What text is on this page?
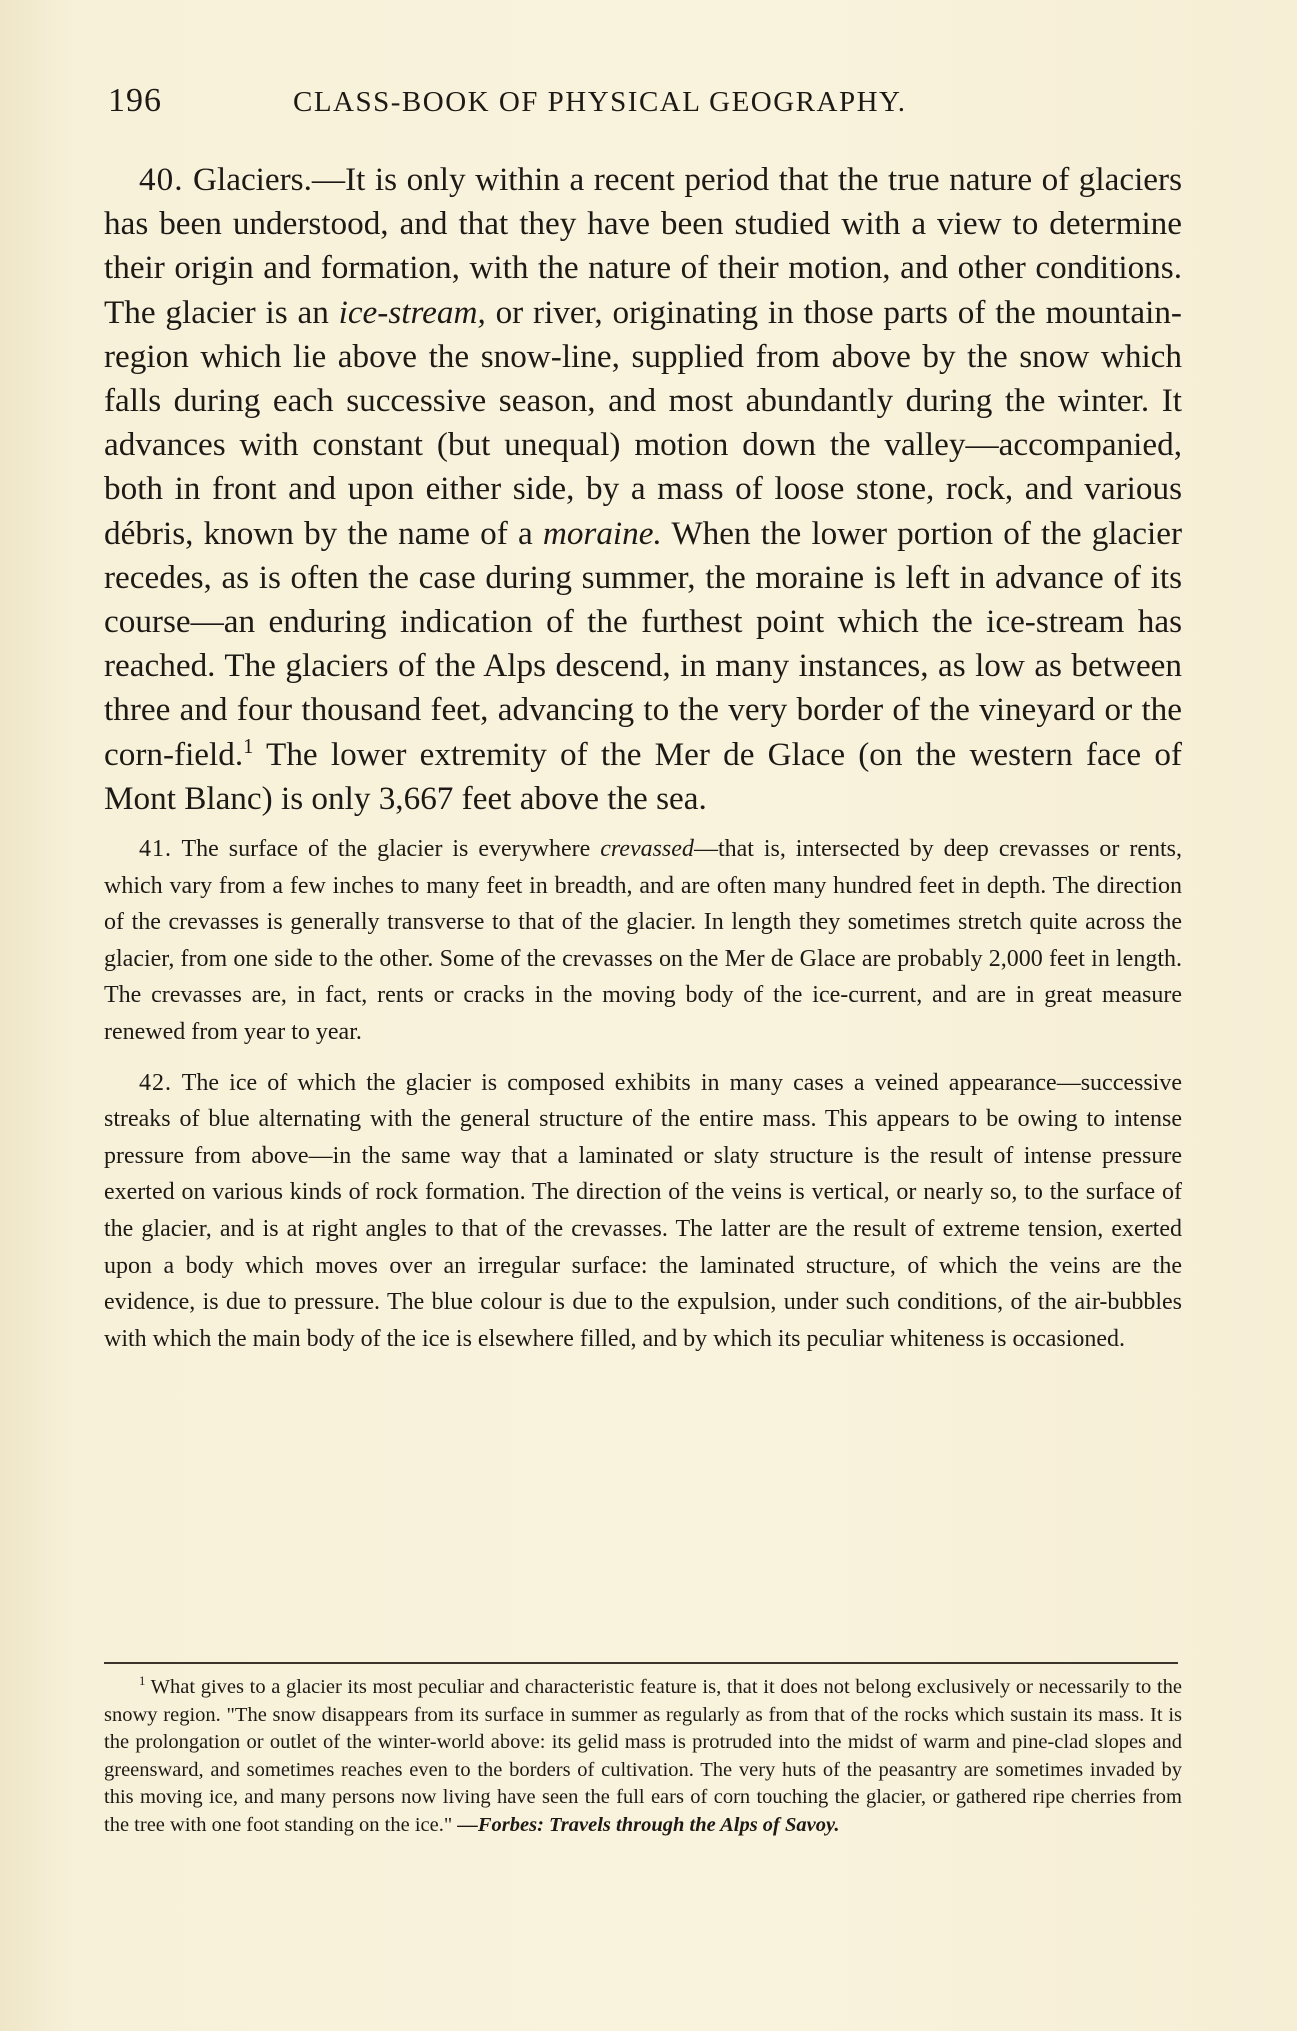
196	CLASS-BOOK OF PHYSICAL GEOGRAPHY.

40. Glaciers.—It is only within a recent period that the true nature of glaciers has been understood, and that they have been studied with a view to determine their origin and formation, with the nature of their motion, and other conditions. The glacier is an ice-stream, or river, originating in those parts of the mountain-region which lie above the snow-line, supplied from above by the snow which falls during each successive season, and most abundantly during the winter. It advances with constant (but unequal) motion down the valley—accompanied, both in front and upon either side, by a mass of loose stone, rock, and various débris, known by the name of a moraine. When the lower portion of the glacier recedes, as is often the case during summer, the moraine is left in advance of its course—an enduring indication of the furthest point which the ice-stream has reached. The glaciers of the Alps descend, in many instances, as low as between three and four thousand feet, advancing to the very border of the vineyard or the corn-field.$^1$ The lower extremity of the Mer de Glace (on the western face of Mont Blanc) is only 3,667 feet above the sea.

41. The surface of the glacier is everywhere crevassed—that is, intersected by deep crevasses or rents, which vary from a few inches to many feet in breadth, and are often many hundred feet in depth. The direction of the crevasses is generally transverse to that of the glacier. In length they sometimes stretch quite across the glacier, from one side to the other. Some of the crevasses on the Mer de Glace are probably 2,000 feet in length. The crevasses are, in fact, rents or cracks in the moving body of the ice-current, and are in great measure renewed from year to year.

42. The ice of which the glacier is composed exhibits in many cases a veined appearance—successive streaks of blue alternating with the general structure of the entire mass. This appears to be owing to intense pressure from above—in the same way that a laminated or slaty structure is the result of intense pressure exerted on various kinds of rock formation. The direction of the veins is vertical, or nearly so, to the surface of the glacier, and is at right angles to that of the crevasses. The latter are the result of extreme tension, exerted upon a body which moves over an irregular surface: the laminated structure, of which the veins are the evidence, is due to pressure. The blue colour is due to the expulsion, under such conditions, of the air-bubbles with which the main body of the ice is elsewhere filled, and by which its peculiar whiteness is occasioned.

$^1$ What gives to a glacier its most peculiar and characteristic feature is, that it does not belong exclusively or necessarily to the snowy region. "The snow disappears from its surface in summer as regularly as from that of the rocks which sustain its mass. It is the prolongation or outlet of the winter-world above: its gelid mass is protruded into the midst of warm and pine-clad slopes and greensward, and sometimes reaches even to the borders of cultivation. The very huts of the peasantry are sometimes invaded by this moving ice, and many persons now living have seen the full ears of corn touching the glacier, or gathered ripe cherries from the tree with one foot standing on the ice." —Forbes: Travels through the Alps of Savoy.
